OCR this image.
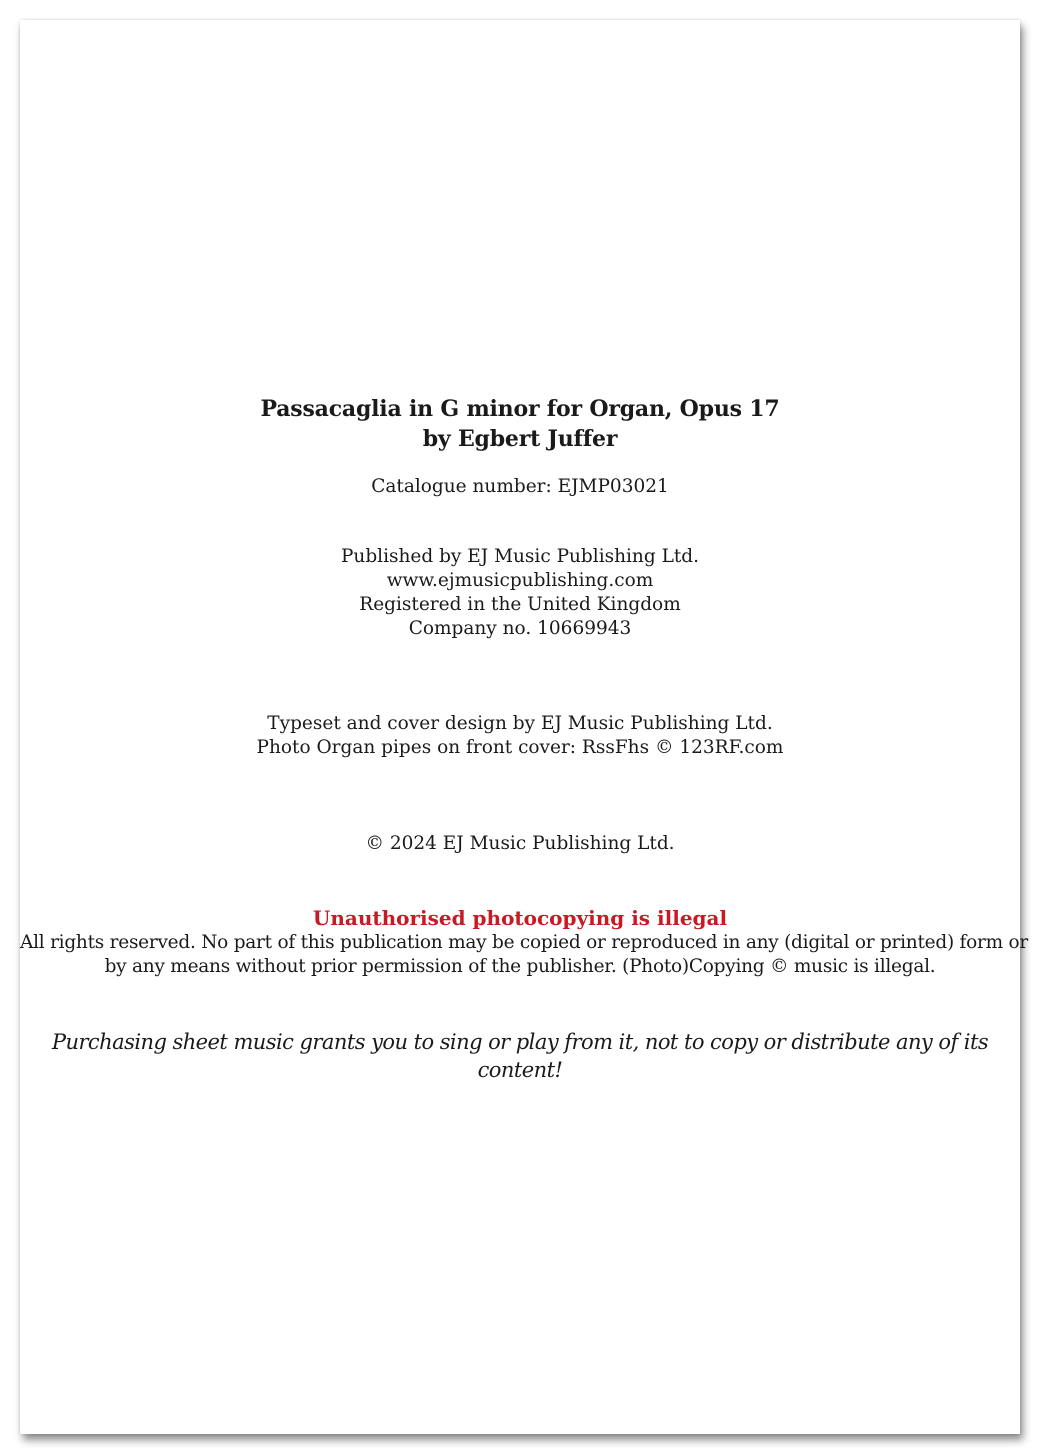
Passacaglia in G minor for Organ, Opus 17
by Egbert Juffer
Catalogue number: EJMP03021
Published by EJ Music Publishing Ltd.
www.ejmusicpublishing.com
Registered in the United Kingdom
Company no. 10669943
Typeset and cover design by EJ Music Publishing Ltd.
Photo Organ pipes on front cover: RssFhs © 123RF.com
© 2024 EJ Music Publishing Ltd.
Unauthorised photocopying is illegal
All rights reserved. No part of this publication may be copied or reproduced in any (digital or printed) form or
by any means without prior permission of the publisher. (Photo)Copying © music is illegal.
Purchasing sheet music grants you to sing or play from it, not to copy or distribute any of its content!
